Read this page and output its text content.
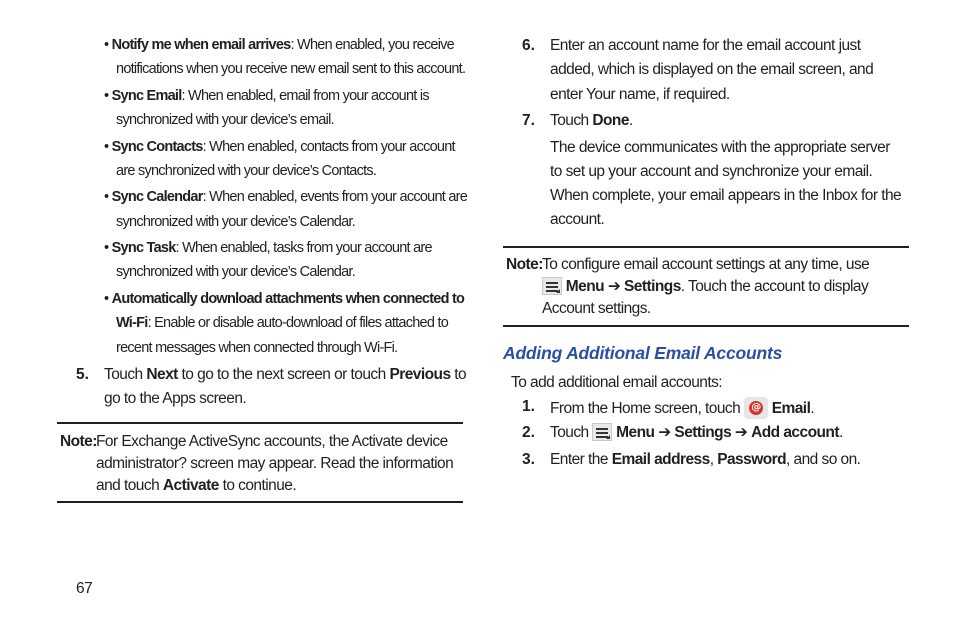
• Notify me when email arrives: When enabled, you receive
notifications when you receive new email sent to this account.
• Sync Email: When enabled, email from your account is
synchronized with your device’s email.
• Sync Contacts: When enabled, contacts from your account
are synchronized with your device’s Contacts.
• Sync Calendar: When enabled, events from your account are
synchronized with your device’s Calendar.
• Sync Task: When enabled, tasks from your account are
synchronized with your device’s Calendar.
• Automatically download attachments when connected to
Wi-Fi: Enable or disable auto-download of files attached to
recent messages when connected through Wi-Fi.
5. Touch Next to go to the next screen or touch Previous to
go to the Apps screen.
Note: For Exchange ActiveSync accounts, the Activate device
administrator? screen may appear. Read the information
and touch Activate to continue.
67
6. Enter an account name for the email account just
added, which is displayed on the email screen, and
enter Your name, if required.
7. Touch Done.
The device communicates with the appropriate server
to set up your account and synchronize your email.
When complete, your email appears in the Inbox for the
account.
Note: To configure email account settings at any time, use
Menu ➔ Settings. Touch the account to display
Account settings.
Adding Additional Email Accounts
To add additional email accounts:
1. From the Home screen, touch @ Email.
2. Touch Menu ➔ Settings ➔ Add account.
3. Enter the Email address, Password, and so on.
